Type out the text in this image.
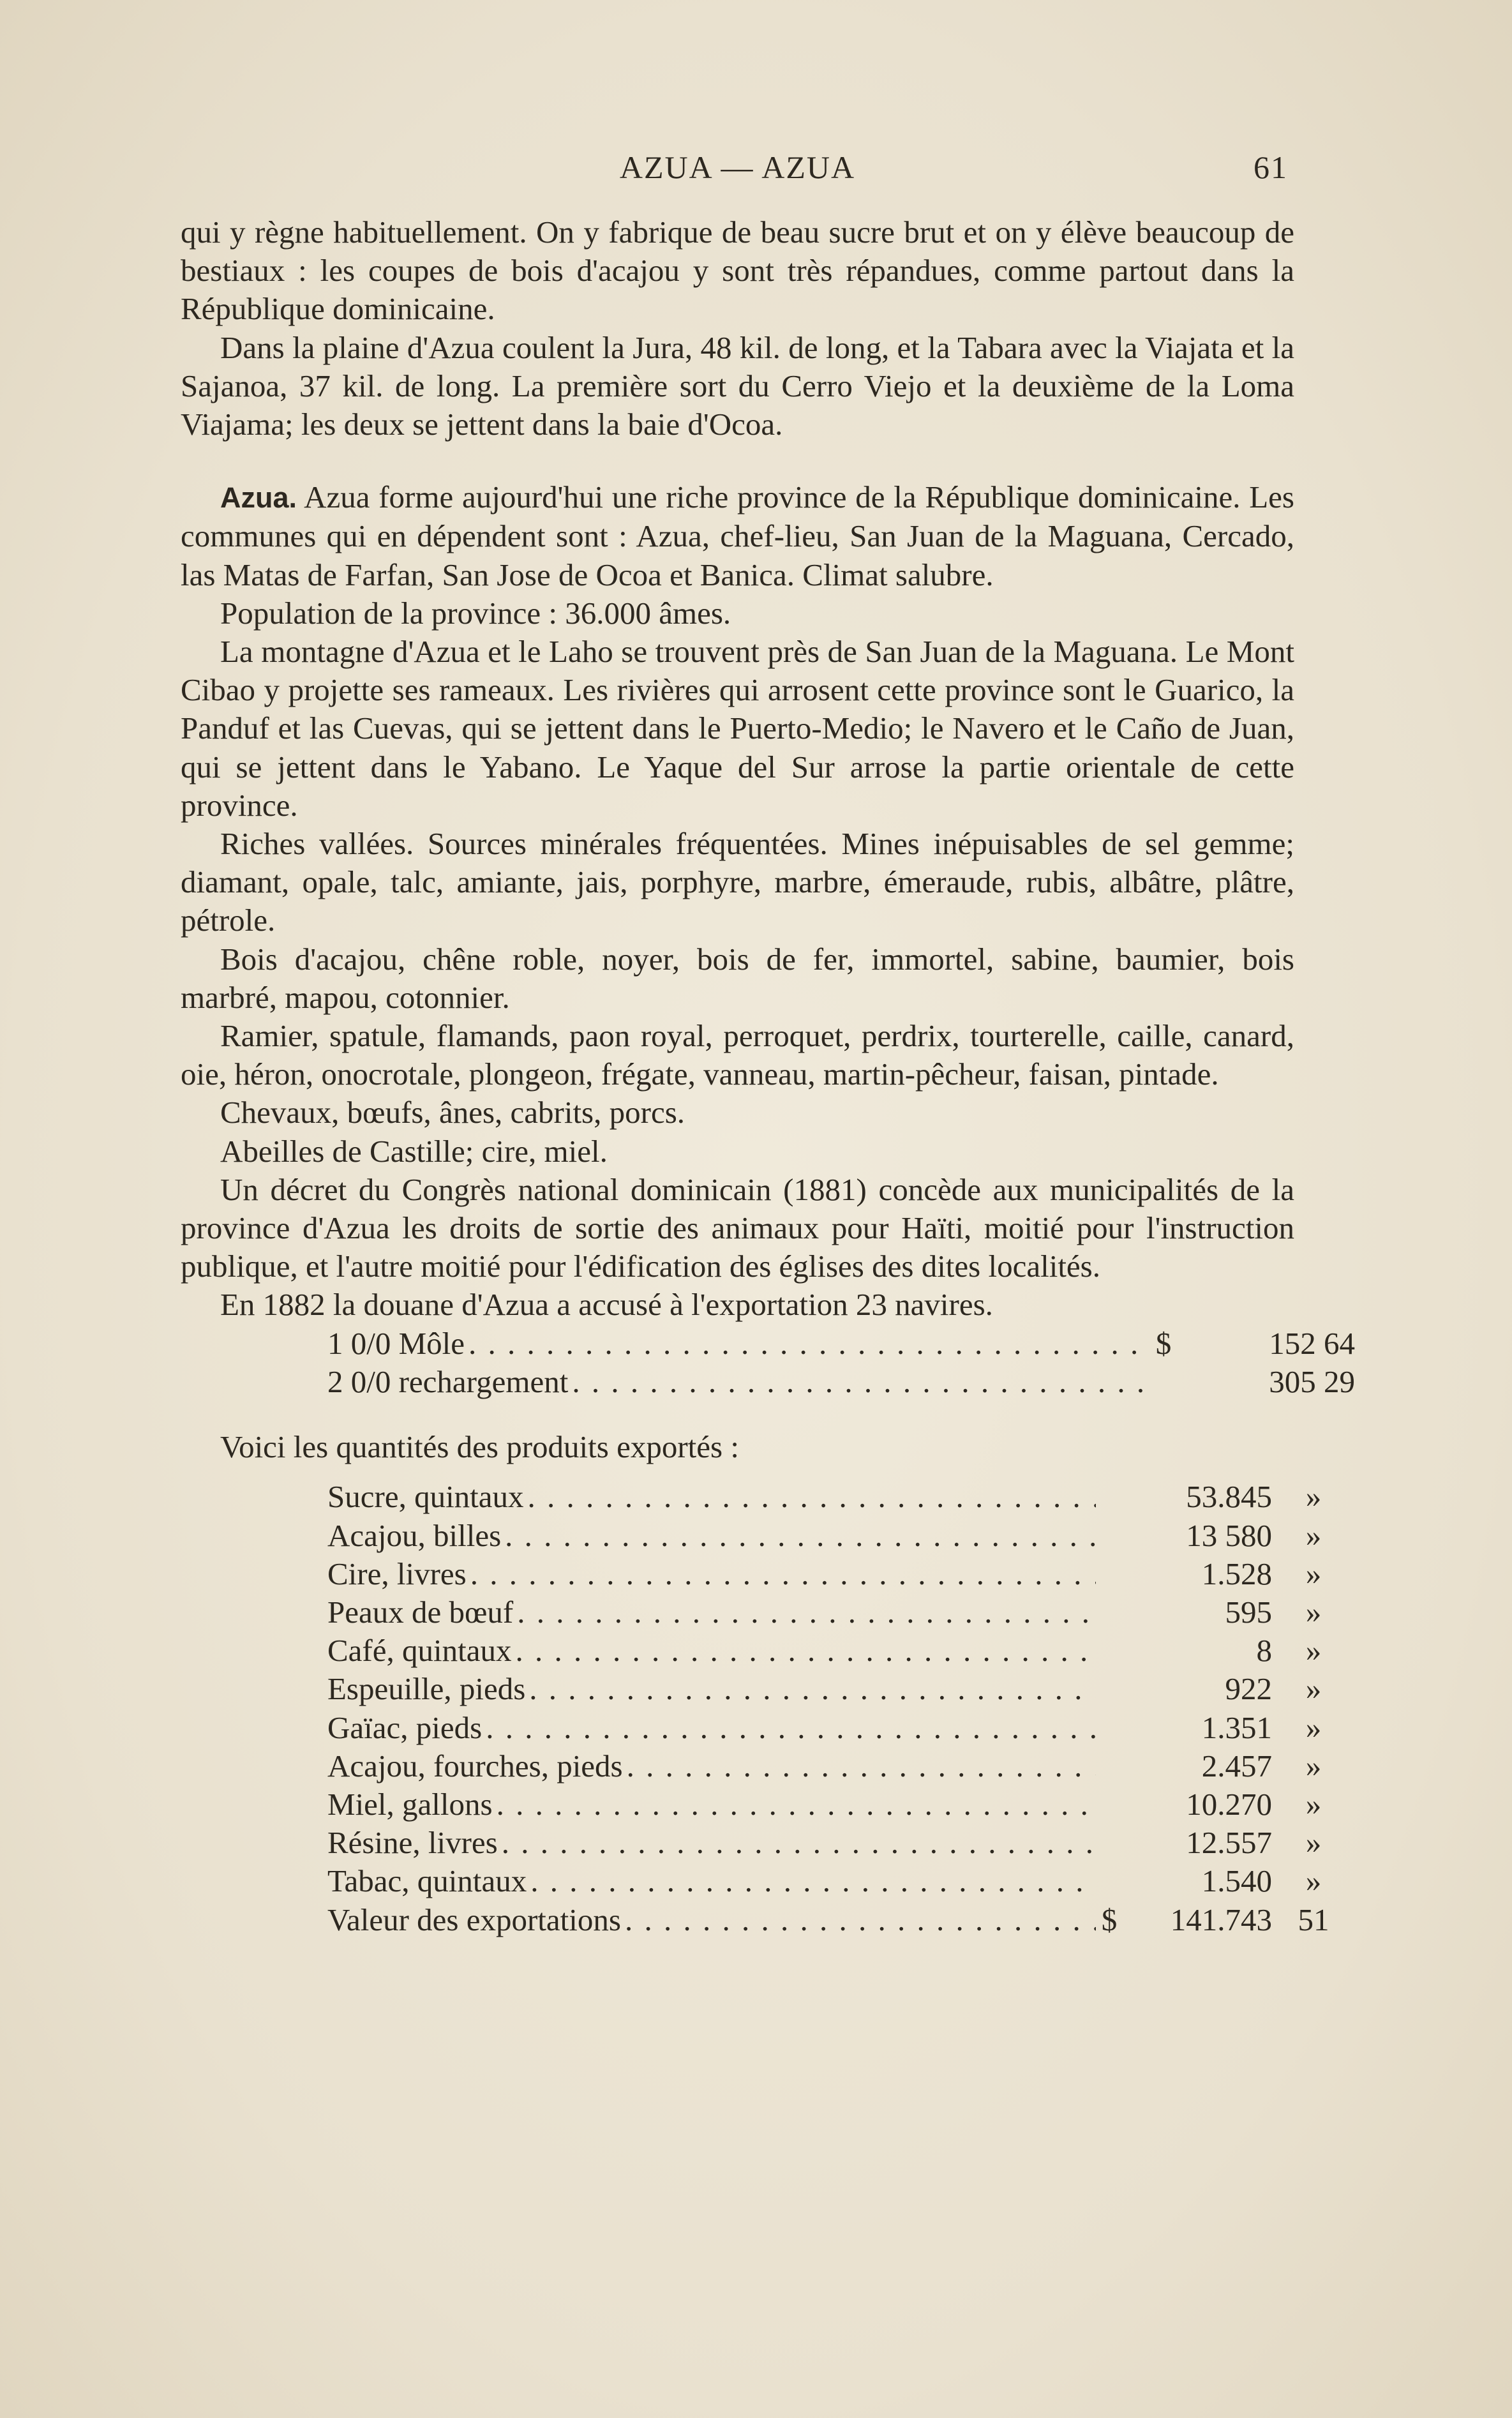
AZUA — AZUA	61

qui y règne habituellement. On y fabrique de beau sucre brut et on y élève beaucoup de bestiaux : les coupes de bois d'acajou y sont très répandues, comme partout dans la République dominicaine.

Dans la plaine d'Azua coulent la Jura, 48 kil. de long, et la Tabara avec la Viajata et la Sajanoa, 37 kil. de long. La première sort du Cerro Viejo et la deuxième de la Loma Viajama; les deux se jettent dans la baie d'Ocoa.

Azua. Azua forme aujourd'hui une riche province de la République dominicaine. Les communes qui en dépendent sont : Azua, chef-lieu, San Juan de la Maguana, Cercado, las Matas de Farfan, San Jose de Ocoa et Banica. Climat salubre.

Population de la province : 36.000 âmes.

La montagne d'Azua et le Laho se trouvent près de San Juan de la Maguana. Le Mont Cibao y projette ses rameaux. Les rivières qui arrosent cette province sont le Guarico, la Panduf et las Cuevas, qui se jettent dans le Puerto-Medio; le Navero et le Caño de Juan, qui se jettent dans le Yabano. Le Yaque del Sur arrose la partie orientale de cette province.

Riches vallées. Sources minérales fréquentées. Mines inépuisables de sel gemme; diamant, opale, talc, amiante, jais, porphyre, marbre, émeraude, rubis, albâtre, plâtre, pétrole.

Bois d'acajou, chêne roble, noyer, bois de fer, immortel, sabine, baumier, bois marbré, mapou, cotonnier.

Ramier, spatule, flamands, paon royal, perroquet, perdrix, tourterelle, caille, canard, oie, héron, onocrotale, plongeon, frégate, vanneau, martin-pêcheur, faisan, pintade.

Chevaux, bœufs, ânes, cabrits, porcs.

Abeilles de Castille; cire, miel.

Un décret du Congrès national dominicain (1881) concède aux municipalités de la province d'Azua les droits de sortie des animaux pour Haïti, moitié pour l'instruction publique, et l'autre moitié pour l'édification des églises des dites localités.

En 1882 la douane d'Azua a accusé à l'exportation 23 navires.

1 0/0 Môle . . .	$	152 64
2 0/0 rechargement . . .	305 29

Voici les quantités des produits exportés :

Sucre, quintaux . . .	53.845	»
Acajou, billes . . .	13 580	»
Cire, livres . . .	1.528	»
Peaux de bœuf . . .	595	»
Café, quintaux . . .	8	»
Espeuille, pieds . . .	922	»
Gaïac, pieds . . .	1.351	»
Acajou, fourches, pieds . . .	2.457	»
Miel, gallons . . .	10.270	»
Résine, livres . . .	12.557	»
Tabac, quintaux . . .	1.540	»
Valeur des exportations . . .	$	141.743 51
